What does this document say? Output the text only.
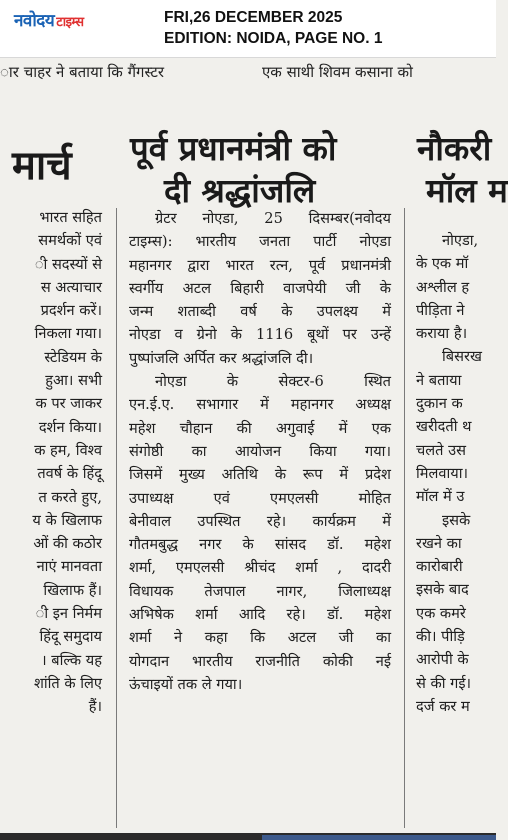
नवोदय टाइम्स	FRI,26 DECEMBER 2025
EDITION: NOIDA, PAGE NO. 1
ार चाहर ने बताया कि गैंगस्टर	एक साथी शिवम कसाना को
मार्च
भारत सहित
समर्थकों एवं
ी सदस्यों से
स अत्याचार
प्रदर्शन करें।
निकला गया।
स्टेडियम के
हुआ। सभी
क पर जाकर
दर्शन किया।
क हम, विश्व
तवर्ष के हिंदू
त करते हुए,
य के खिलाफ
ओं की कठोर
नाएं मानवता
खिलाफ हैं।
ी इन निर्मम
हिंदू समुदाय
। बल्कि यह
शांति के लिए
हैं।
पूर्व प्रधानमंत्री को
दी श्रद्धांजलि
ग्रेटर नोएडा, 25 दिसम्बर(नवोदय
टाइम्स): भारतीय जनता पार्टी नोएडा
महानगर द्वारा भारत रत्न, पूर्व प्रधानमंत्री
स्वर्गीय अटल बिहारी वाजपेयी जी के
जन्म शताब्दी वर्ष के उपलक्ष्य में
नोएडा व ग्रेनो के 1116 बूथों पर उन्हें
पुष्पांजलि अर्पित कर श्रद्धांजलि दी।
नोएडा के सेक्टर-6 स्थित
एन.ई.ए. सभागार में महानगर अध्यक्ष
महेश चौहान की अगुवाई में एक
संगोष्ठी का आयोजन किया गया।
जिसमें मुख्य अतिथि के रूप में प्रदेश
उपाध्यक्ष एवं एमएलसी मोहित
बेनीवाल उपस्थित रहे। कार्यक्रम में
गौतमबुद्ध नगर के सांसद डॉ. महेश
शर्मा, एमएलसी श्रीचंद शर्मा , दादरी
विधायक तेजपाल नागर, जिलाध्यक्ष
अभिषेक शर्मा आदि रहे। डॉ. महेश
शर्मा ने कहा कि अटल जी का
योगदान भारतीय राजनीति कोकी नई
ऊंचाइयों तक ले गया।
नौकरी
मॉल म
नोएडा,
के एक मॉ
अश्लील ह
पीड़िता ने
कराया है।
बिसरख
ने बताया
दुकान क
खरीदती थ
चलते उस
मिलवाया।
मॉल में उ
इसके
रखने का
कारोबारी
इसके बाद
एक कमरे
की। पीड़ि
आरोपी के
से की गई।
दर्ज कर म
